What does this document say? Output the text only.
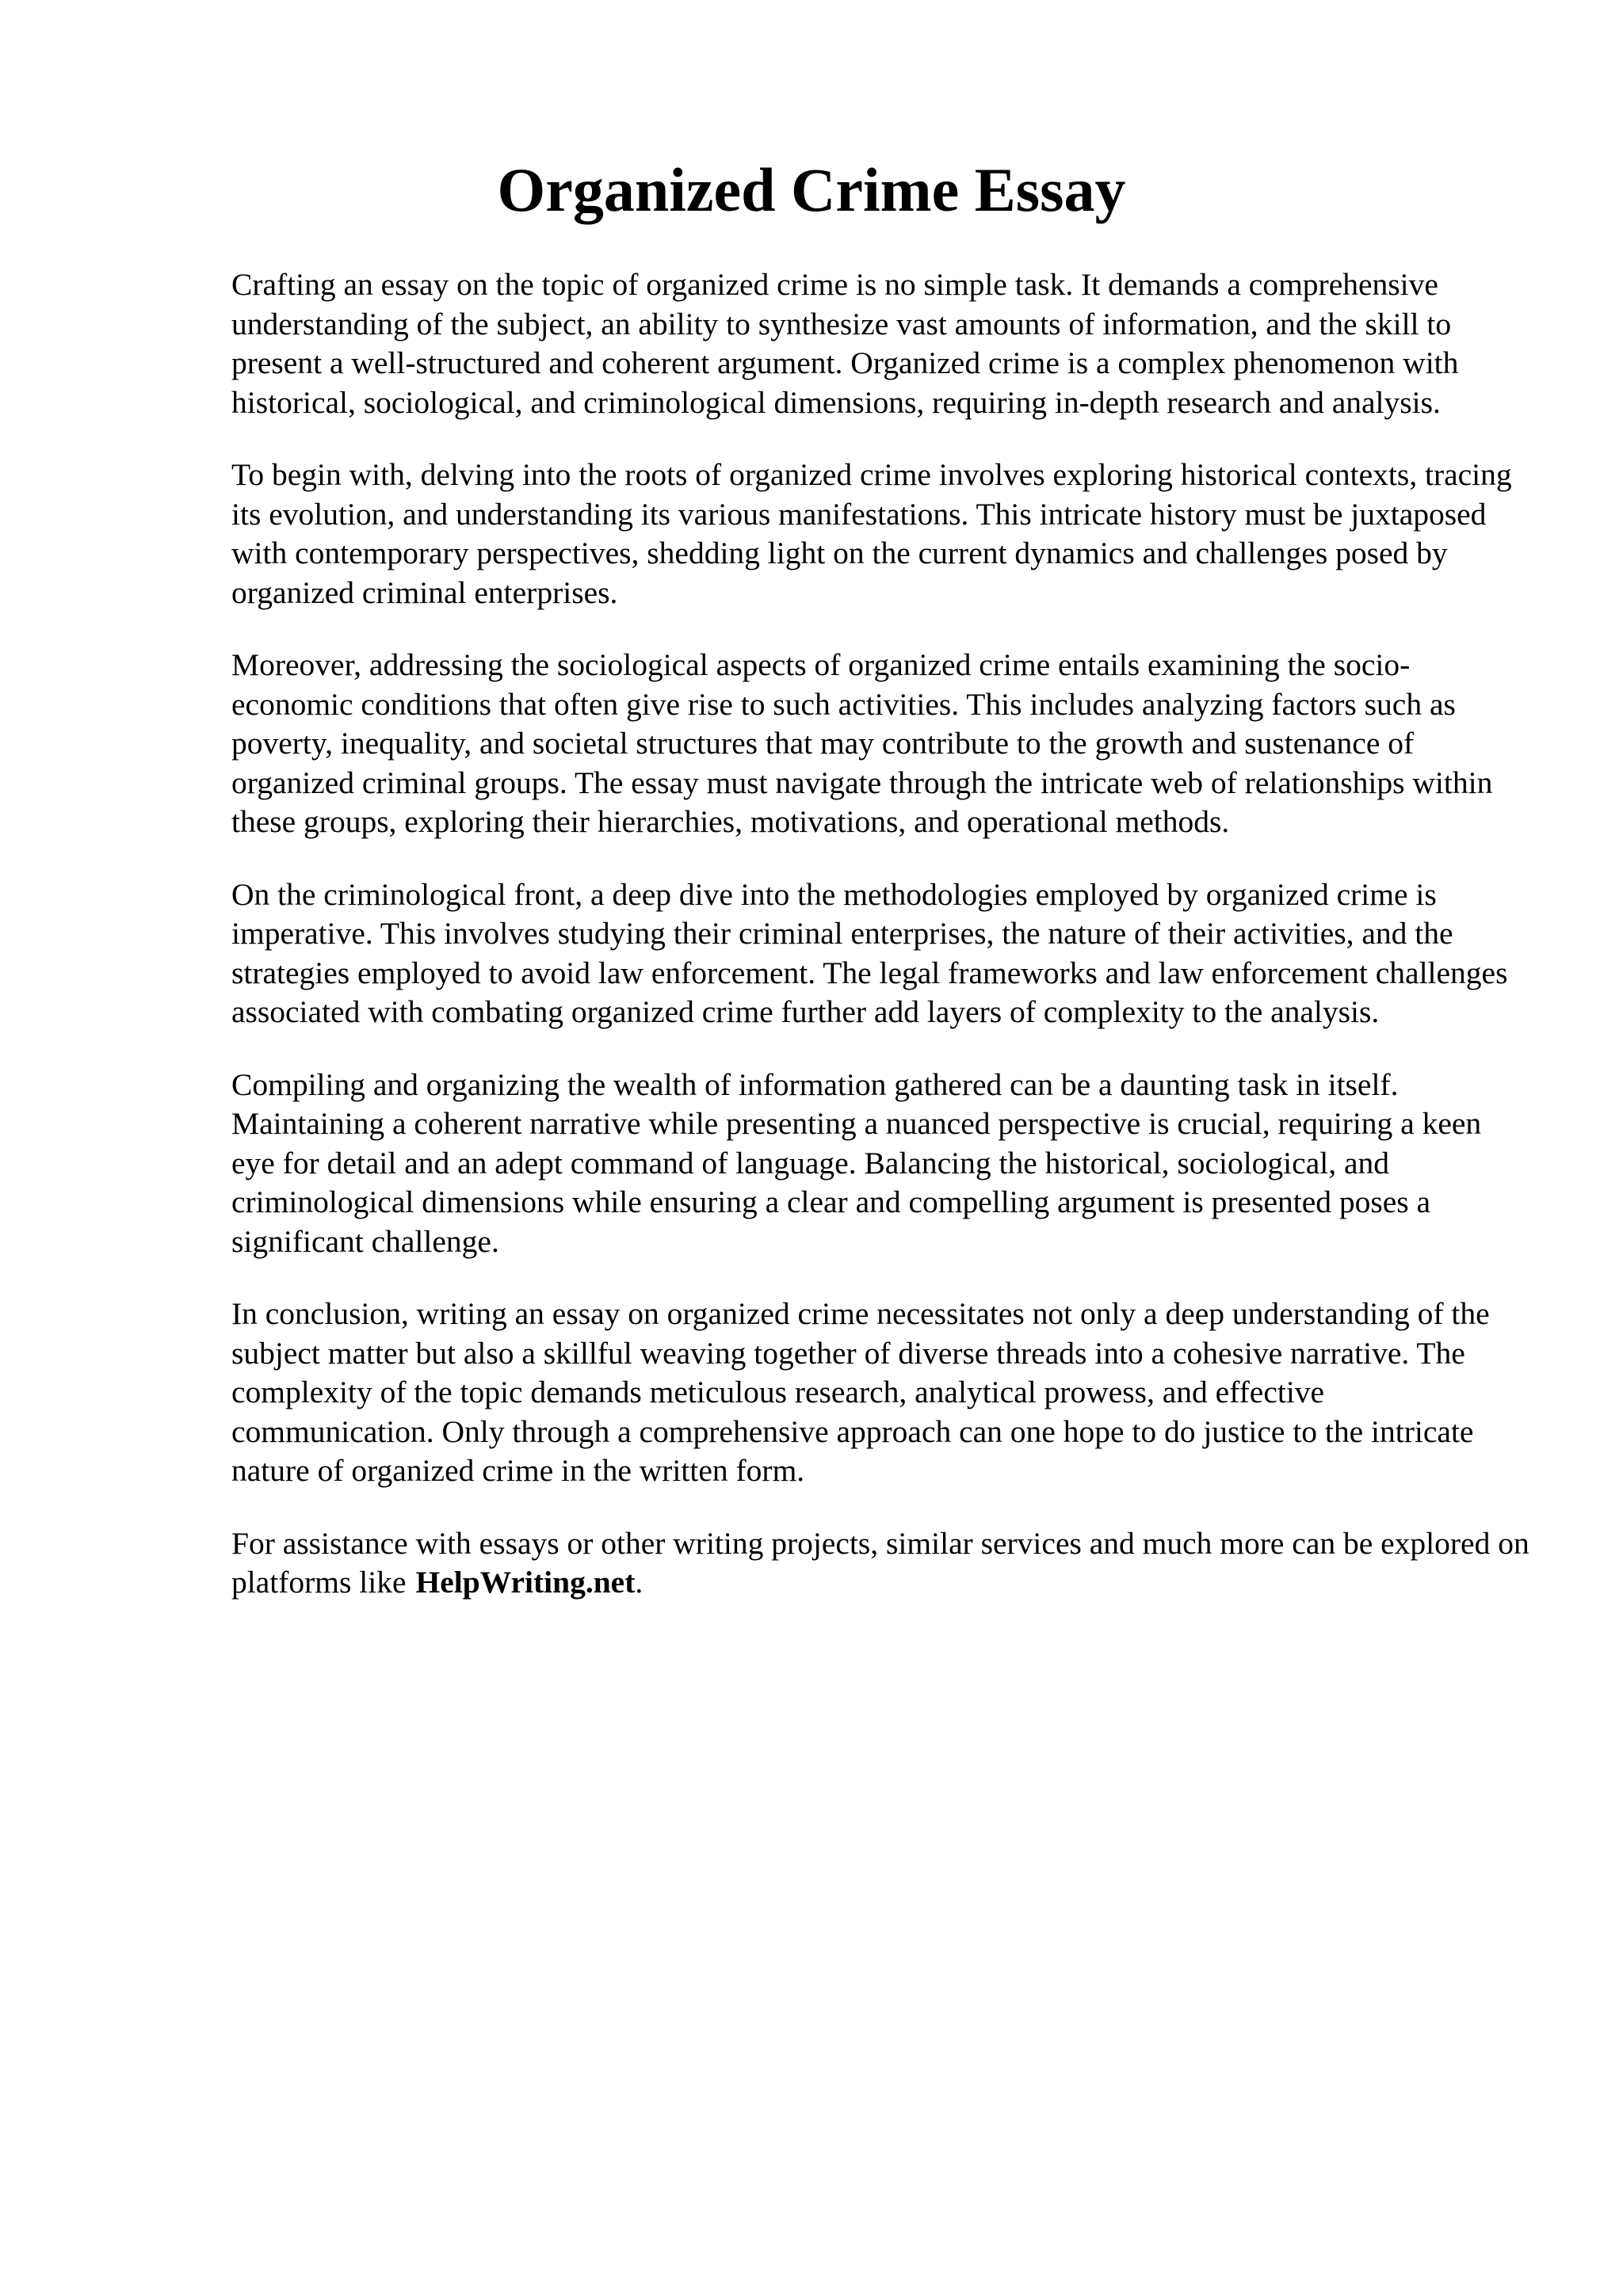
Organized Crime Essay

Crafting an essay on the topic of organized crime is no simple task. It demands a comprehensive understanding of the subject, an ability to synthesize vast amounts of information, and the skill to present a well-structured and coherent argument. Organized crime is a complex phenomenon with historical, sociological, and criminological dimensions, requiring in-depth research and analysis.

To begin with, delving into the roots of organized crime involves exploring historical contexts, tracing its evolution, and understanding its various manifestations. This intricate history must be juxtaposed with contemporary perspectives, shedding light on the current dynamics and challenges posed by organized criminal enterprises.

Moreover, addressing the sociological aspects of organized crime entails examining the socio-economic conditions that often give rise to such activities. This includes analyzing factors such as poverty, inequality, and societal structures that may contribute to the growth and sustenance of organized criminal groups. The essay must navigate through the intricate web of relationships within these groups, exploring their hierarchies, motivations, and operational methods.

On the criminological front, a deep dive into the methodologies employed by organized crime is imperative. This involves studying their criminal enterprises, the nature of their activities, and the strategies employed to avoid law enforcement. The legal frameworks and law enforcement challenges associated with combating organized crime further add layers of complexity to the analysis.

Compiling and organizing the wealth of information gathered can be a daunting task in itself. Maintaining a coherent narrative while presenting a nuanced perspective is crucial, requiring a keen eye for detail and an adept command of language. Balancing the historical, sociological, and criminological dimensions while ensuring a clear and compelling argument is presented poses a significant challenge.

In conclusion, writing an essay on organized crime necessitates not only a deep understanding of the subject matter but also a skillful weaving together of diverse threads into a cohesive narrative. The complexity of the topic demands meticulous research, analytical prowess, and effective communication. Only through a comprehensive approach can one hope to do justice to the intricate nature of organized crime in the written form.

For assistance with essays or other writing projects, similar services and much more can be explored on platforms like HelpWriting.net.
